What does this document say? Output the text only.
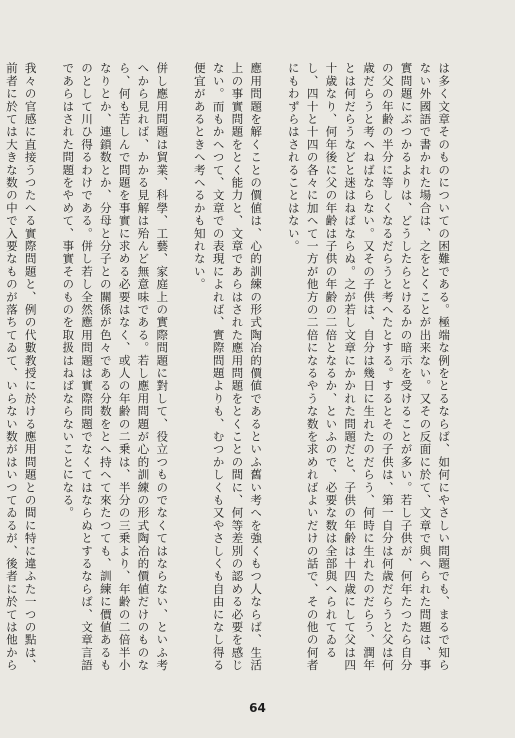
は多く文章そのものについての困難である。極端な例をとるならば、如何にやさしい問題でも、まるで知らない外國語で書かれた場合は、之をとくことが出来ない。又その反面に於て、文章で與へられた問題は、事實問題にぶつかるよりは、どうしたらとけるかの暗示を受けることが多い。若し子供が、何年たつたら自分の父の年齢の半分に等しくなるだらうと考へたとする。するとその子供は、第一自分は何歳だらうと父は何歳だらうと考へねばならない。又その子供は、自分は幾日に生れたのだらう、何時に生れたのだらう、潤年とは何だらうなどと迷はねばならぬ。之が若し文章にかかれた問題だと、子供の年齢は十四歳にして父は四十歳なり、何年後に父の年齢は子供の年齢の二倍となるか、といふので、必要な数は全部與へられてゐるし、四十と十四の各々に加へて一方が他方の二倍になるやうな数を求めればよいだけの話で、その他の何者にもわずらはされることはない。

應用問題を解くことの價値は、心的訓練の形式陶冶的價値であるといふ舊い考へを強くもつ人ならば、生活上の事實問題をとく能力と、文章であらはされた應用問題をとくことの間に、何等差別の認める必要を感じない。而もかへつて、文章での表現によれば、實際問題よりも、むつかしくも又やさしくも自由になし得る便宜があるときへ考へるかも知れない。

併し應用問題は貿業、科學、工藝、家庭上の實際問題に對して、役立つものでなくてはならない、といふ考へから見れば、かかる見解は殆んど無意味である。若し應用問題が心的訓練の形式陶冶的價値だけのものなら、何も苦しんで問題を事實に求める必要はなく、或人の年齢の二乗は、半分の三乗より、年齢の二倍半小なりとか、連鎖数とか、分母と分子との關係が色々である分数をとへ持へて來たつても、訓練に價値あるものとして川ひ得るわけである。併し若し全然應用問題は實際問題でなくてはならぬとするならば、文章言語であらはされた問題をやめて、事實そのものを取扱はねばならないことになる。

我々の官感に直接うつたへる實際問題と、例の代數教授に於ける應用問題との間に特に違ふた一つの點は、前者に於ては大きな数の中で入要なものが落ちてゐて、いらない数がはいつてゐるが、後者に於ては他から

64
